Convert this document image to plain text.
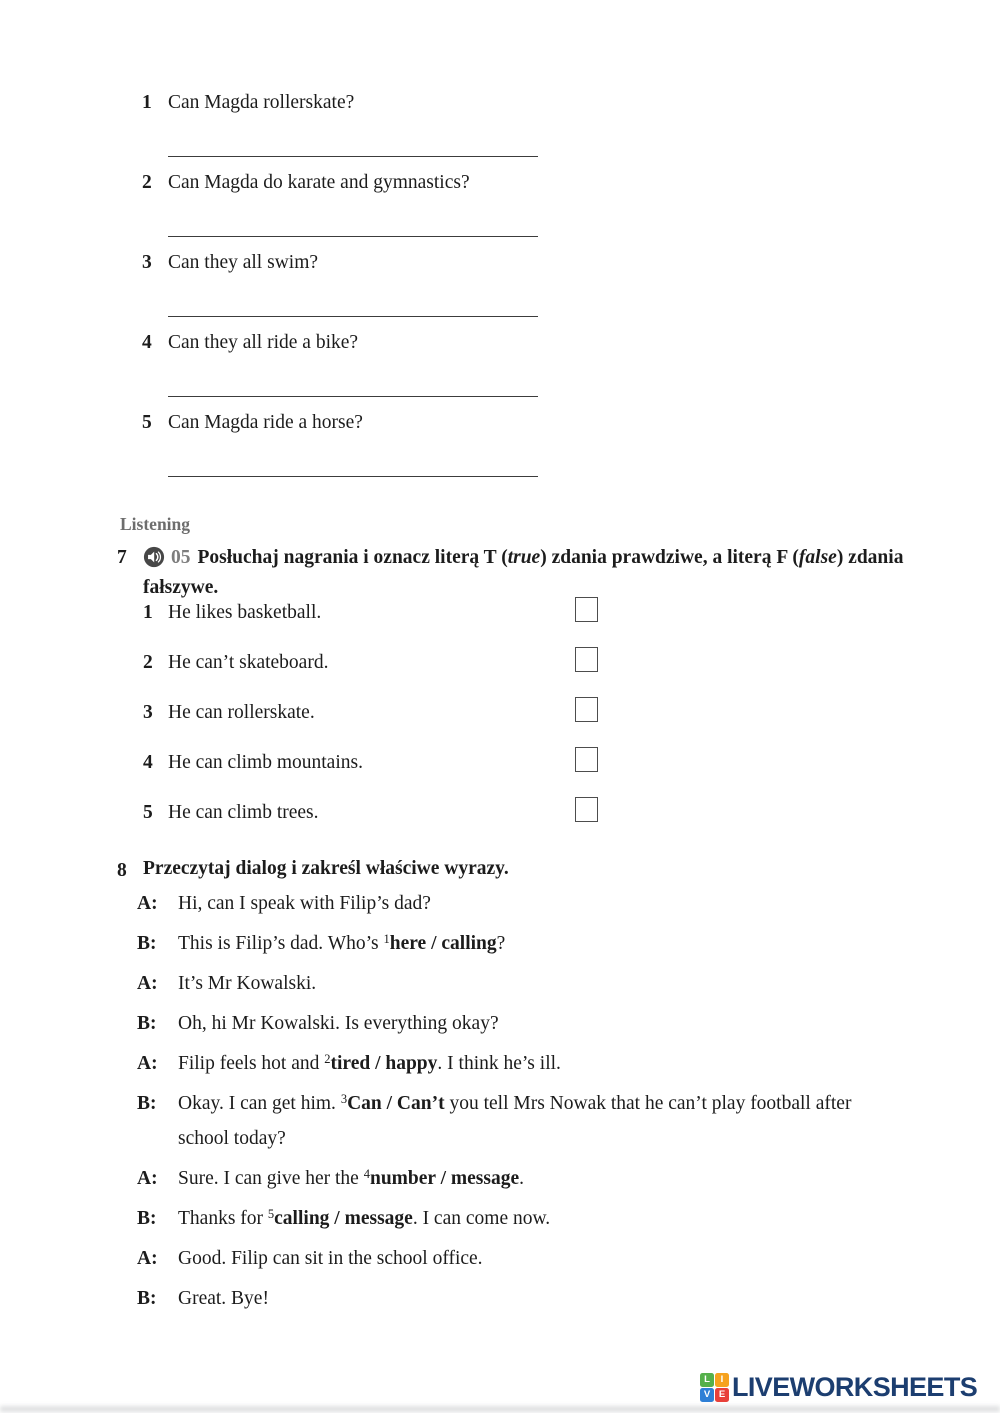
1 Can Magda rollerskate?
2 Can Magda do karate and gymnastics?
3 Can they all swim?
4 Can they all ride a bike?
5 Can Magda ride a horse?
Listening
7	05 Posłuchaj nagrania i oznacz literą T (true) zdania prawdziwe, a literą F (false) zdania fałszywe.
1 He likes basketball.
2 He can’t skateboard.
3 He can rollerskate.
4 He can climb mountains.
5 He can climb trees.
8 Przeczytaj dialog i zakreśl właściwe wyrazy.

A:	Hi, can I speak with Filip’s dad?

B:	This is Filip’s dad. Who’s $^1$here / calling?

A:	It’s Mr Kowalski.

B:	Oh, hi Mr Kowalski. Is everything okay?

A:	Filip feels hot and $^2$tired / happy. I think he’s ill.

B:	Okay. I can get him. $^3$Can / Can’t you tell Mrs Nowak that he can’t play football after school today?

A:	Sure. I can give her the $^4$number / message.

B:	Thanks for $^5$calling / message. I can come now.

A:	Good. Filip can sit in the school office.

B:	Great. Bye!

L	I
V E LIVEWORKSHEETS
